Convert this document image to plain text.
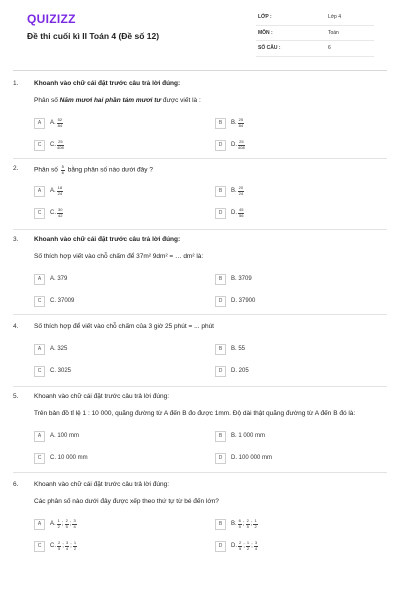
QUIZIZZ
Đề thi cuối kì II Toán 4 (Đề số 12)
LỚP :	Lớp 4
MÔN :	Toán
SỐ CÂU :	6
1. Khoanh vào chữ cái đặt trước câu trả lời đúng:
Phân số Năm mươi hai phần tám mươi tư được viết là :
A	A. $\frac{52}{84}$	B	B. $\frac{25}{84}$
C	C. $\frac{25}{408}$	D	D. $\frac{25}{408}$
2. Phân số $\frac{5}{6}$ bằng phân số nào dưới đây ?
A	A. $\frac{18}{24}$	B	B. $\frac{20}{24}$
C	C. $\frac{30}{42}$	D	D. $\frac{45}{56}$
3. Khoanh vào chữ cái đặt trước câu trả lời đúng:
Số thích hợp viết vào chỗ chấm để 37m² 9dm² = … dm² là:
A	A. 379	B	B. 3709
C	C. 37009	D	D. 37900
4. Số thích hợp để viết vào chỗ chấm của 3 giờ 25 phút = ... phút
A	A. 325	B	B. 55
C	C. 3025	D	D. 205
5. Khoanh vào chữ cái đặt trước câu trả lời đúng:
Trên bản đồ tỉ lệ 1 : 10 000, quãng đường từ A đến B đo được 1mm. Độ dài thật quãng đường từ A đến B đó là:
A	A. 100 mm	B	B. 1 000 mm
C	C. 10 000 mm	D	D. 100 000 mm
6. Khoanh vào chữ cái đặt trước câu trả lời đúng:
Các phân số nào dưới đây được xếp theo thứ tự từ bé đến lớn?
A	A. $\frac{1}{2}$ ; $\frac{2}{5}$ ; $\frac{3}{4}$	B	B. $\frac{6}{5}$ ; $\frac{2}{5}$ ; $\frac{1}{2}$
C	C. $\frac{2}{5}$ ; $\frac{3}{4}$ ; $\frac{1}{2}$	D	D. $\frac{2}{5}$ ; $\frac{1}{2}$ ; $\frac{3}{4}$
